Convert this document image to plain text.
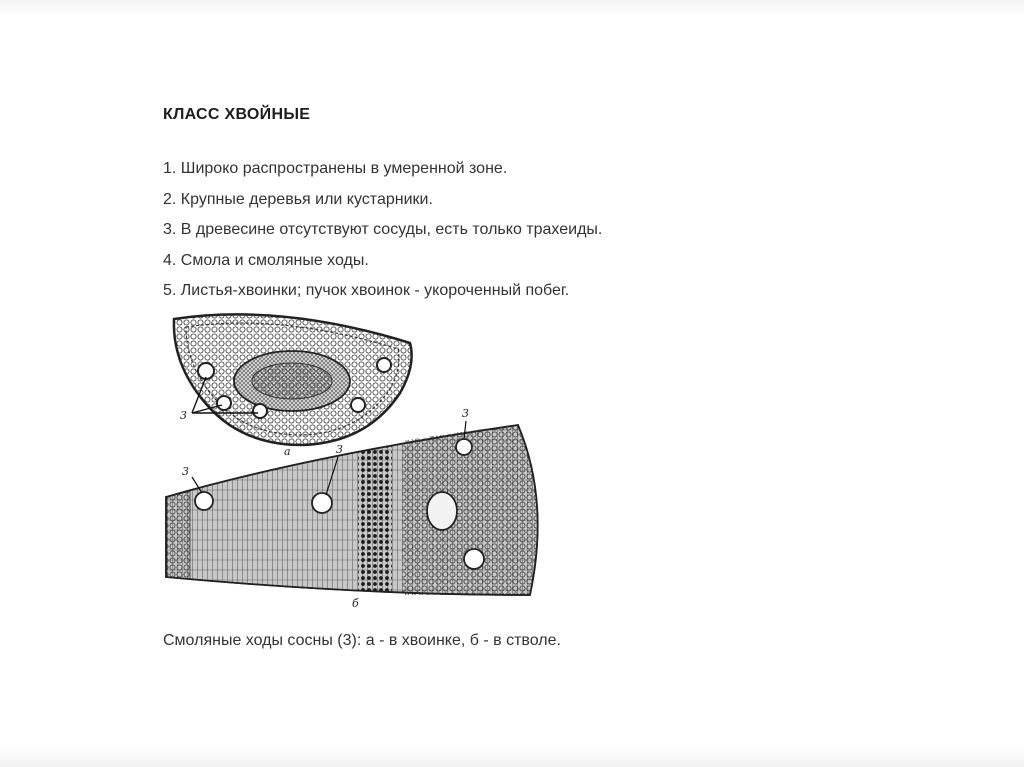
КЛАСС ХВОЙНЫЕ
1. Широко распространены в умеренной зоне.
2. Крупные деревья или кустарники.
3. В древесине отсутствуют сосуды, есть только трахеиды.
4. Смола и смоляные ходы.
5. Листья-хвоинки; пучок хвоинок - укороченный побег.
3
а
3
3
3
б
Смоляные ходы сосны (3): а - в хвоинке, б - в стволе.
